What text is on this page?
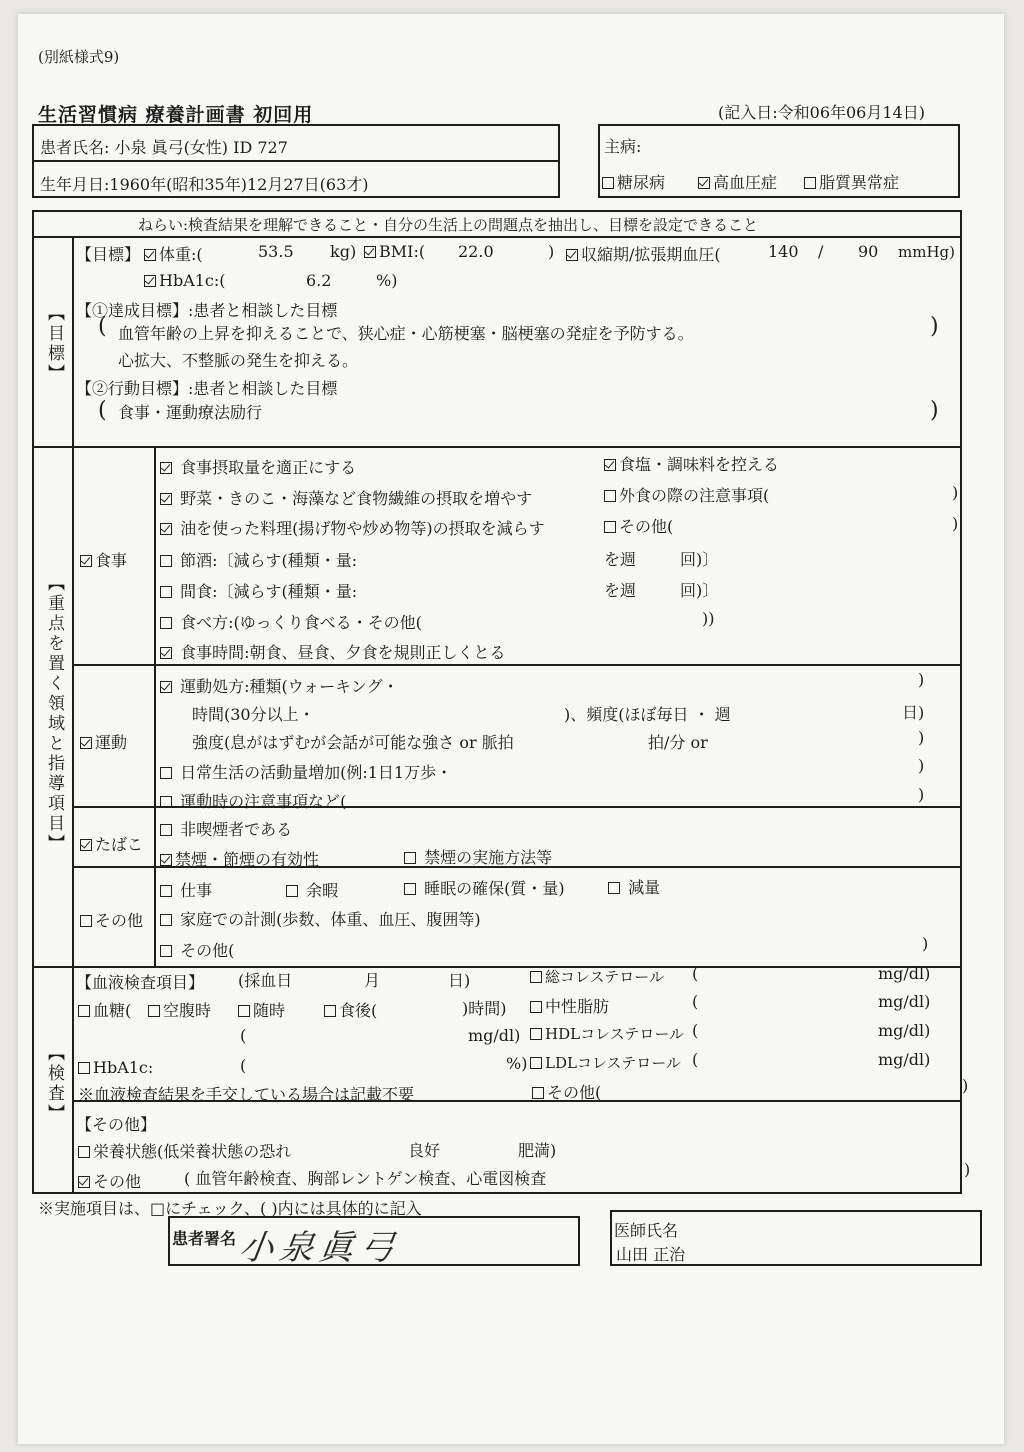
(別紙様式9)
生活習慣病 療養計画書 初回用	(記入日:令和06年06月14日)
患者氏名: 小泉 眞弓(女性) ID 727
生年月日:1960年(昭和35年)12月27日(63才)
主病:
糖尿病	高血圧症	脂質異常症
ねらい:検査結果を理解できること・自分の生活上の問題点を抽出し、目標を設定できること
【目標】
【重点を置く領域と指導項目】
【検査】
【目標】	体重:(	53.5 kg)	BMI:( 22.0	)	収縮期/拡張期血圧(	140 / 90 mmHg)
HbA1c:(	6.2	%)
【①達成目標】:患者と相談した目標
( 血管年齢の上昇を抑えることで、狭心症・心筋梗塞・脳梗塞の発症を予防する。
心拡大、不整脈の発生を抑える。
)
【②行動目標】:患者と相談した目標
( 食事・運動療法励行	)
食事
食事摂取量を適正にする
野菜・きのこ・海藻など食物繊維の摂取を増やす
油を使った料理(揚げ物や炒め物等)の摂取を減らす
節酒:〔減らす(種類・量:
間食:〔減らす(種類・量:
食べ方:(ゆっくり食べる・その他(
食事時間:朝食、昼食、夕食を規則正しくとる
食塩・調味料を控える
外食の際の注意事項(	)
その他(	)
を週	回)〕
を週	回)〕
))
運動
運動処方:種類(ウォーキング・	)
時間(30分以上・	)、頻度(ほぼ毎日 ・ 週	日)
強度(息がはずむが会話が可能な強さ or 脈拍	拍/分 or	)
日常生活の活動量増加(例:1日1万歩・	)
運動時の注意事項など(	)
たばこ
非喫煙者である
禁煙・節煙の有効性	禁煙の実施方法等
その他
仕事	余暇	睡眠の確保(質・量)	減量
家庭での計測(歩数、体重、血圧、腹囲等)
その他(	)
【血液検査項目】 (採血日	月	日)
血糖(	空腹時	随時	食後(	)時間)
(	mg/dl)
HbA1c:	(	%)
※血液検査結果を手交している場合は記載不要
総コレステロール (	mg/dl)
中性脂肪	(	mg/dl)
HDLコレステロール (	mg/dl)
LDLコレステロール (	mg/dl)
その他(	)
【その他】
栄養状態(低栄養状態の恐れ	良好	肥満)
その他	( 血管年齢検査、胸部レントゲン検査、心電図検査	)
※実施項目は、□にチェック、( )内には具体的に記入
患者署名 小泉眞弓	医師氏名
山田 正治
